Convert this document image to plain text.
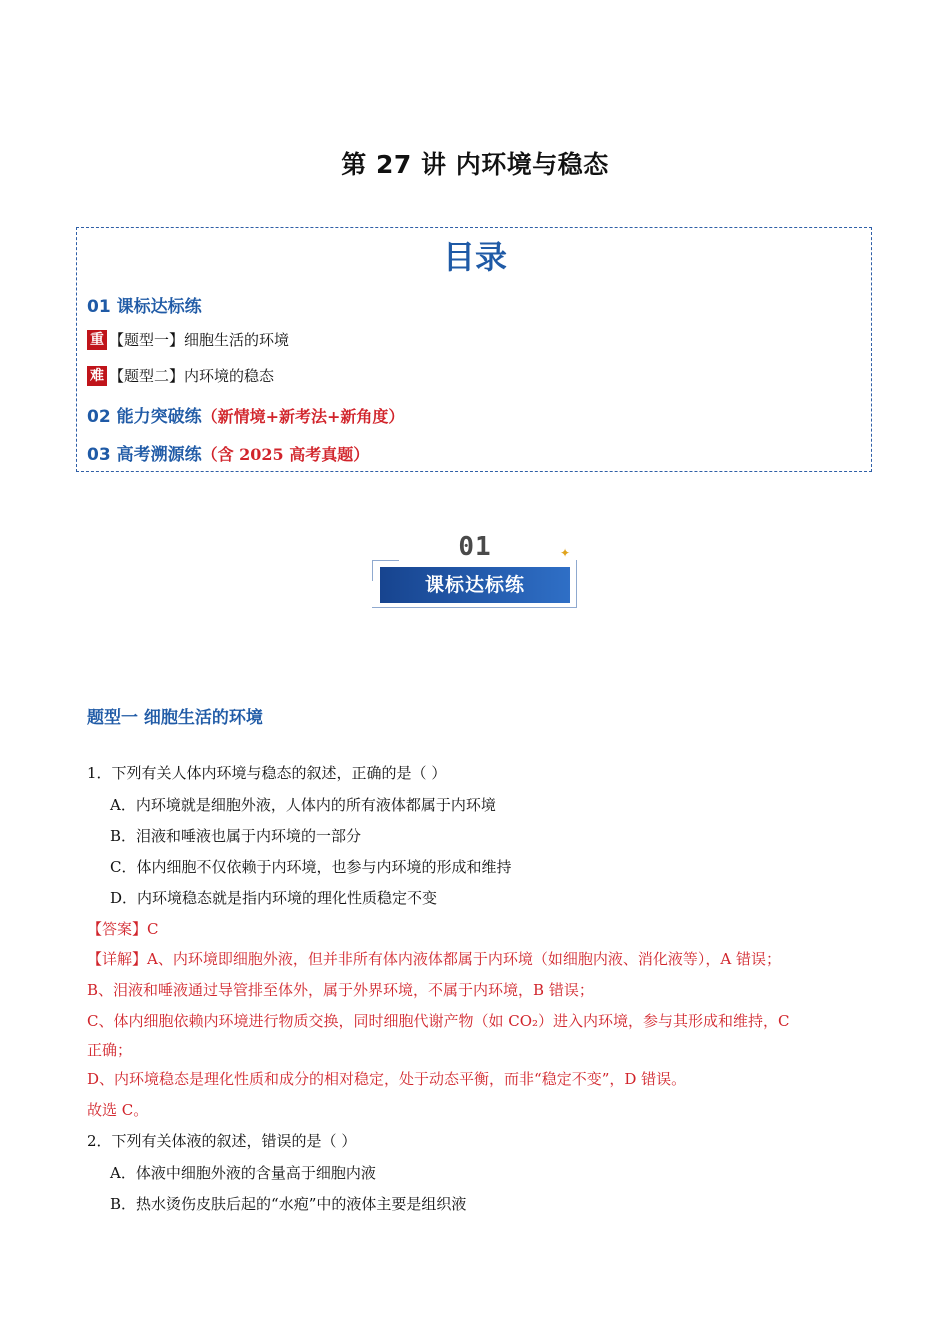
第 27 讲 内环境与稳态
目录
01 课标达标练
重 【题型一】细胞生活的环境
难 【题型二】内环境的稳态
02 能力突破练（新情境+新考法+新角度）
03 高考溯源练（含 2025 高考真题）
01
课标达标练
✦
题型一 细胞生活的环境
1．下列有关人体内环境与稳态的叙述，正确的是（ ）
A．内环境就是细胞外液，人体内的所有液体都属于内环境
B．泪液和唾液也属于内环境的一部分
C．体内细胞不仅依赖于内环境，也参与内环境的形成和维持
D．内环境稳态就是指内环境的理化性质稳定不变
【答案】C
【详解】A、内环境即细胞外液，但并非所有体内液体都属于内环境（如细胞内液、消化液等），A 错误；
B、泪液和唾液通过导管排至体外，属于外界环境，不属于内环境，B 错误；
C、体内细胞依赖内环境进行物质交换，同时细胞代谢产物（如 CO₂）进入内环境，参与其形成和维持，C
正确；
D、内环境稳态是理化性质和成分的相对稳定，处于动态平衡，而非“稳定不变”，D 错误。
故选 C。
2．下列有关体液的叙述，错误的是（ ）
A．体液中细胞外液的含量高于细胞内液
B．热水烫伤皮肤后起的“水疱”中的液体主要是组织液
